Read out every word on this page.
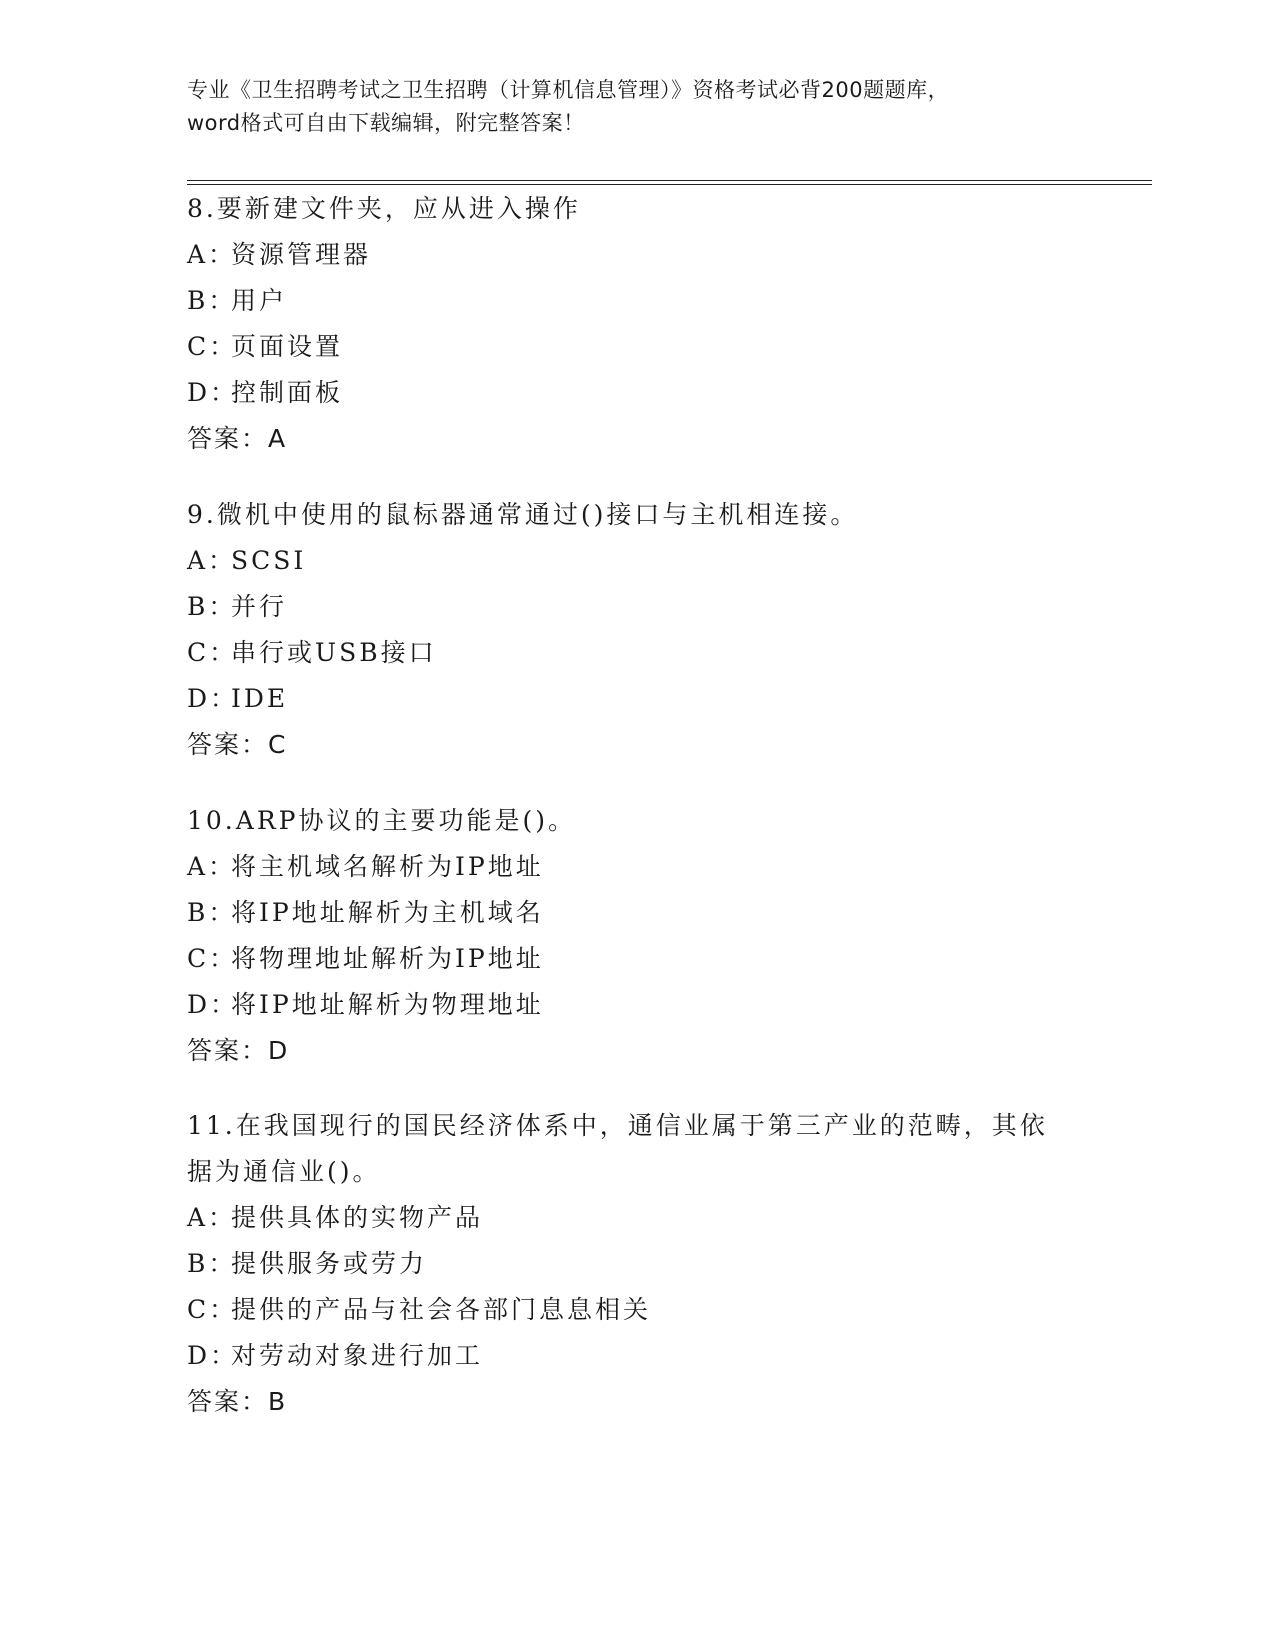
专业《卫生招聘考试之卫生招聘（计算机信息管理）》资格考试必背200题题库，
word格式可自由下载编辑，附完整答案！
8.要新建文件夹，应从进入操作
A：资源管理器
B：用户
C：页面设置
D：控制面板
答案：A
9.微机中使用的鼠标器通常通过()接口与主机相连接。
A：SCSI
B：并行
C：串行或USB接口
D：IDE
答案：C
10.ARP协议的主要功能是()。
A：将主机域名解析为IP地址
B：将IP地址解析为主机域名
C：将物理地址解析为IP地址
D：将IP地址解析为物理地址
答案：D
11.在我国现行的国民经济体系中，通信业属于第三产业的范畴，其依
据为通信业()。
A：提供具体的实物产品
B：提供服务或劳力
C：提供的产品与社会各部门息息相关
D：对劳动对象进行加工
答案：B
